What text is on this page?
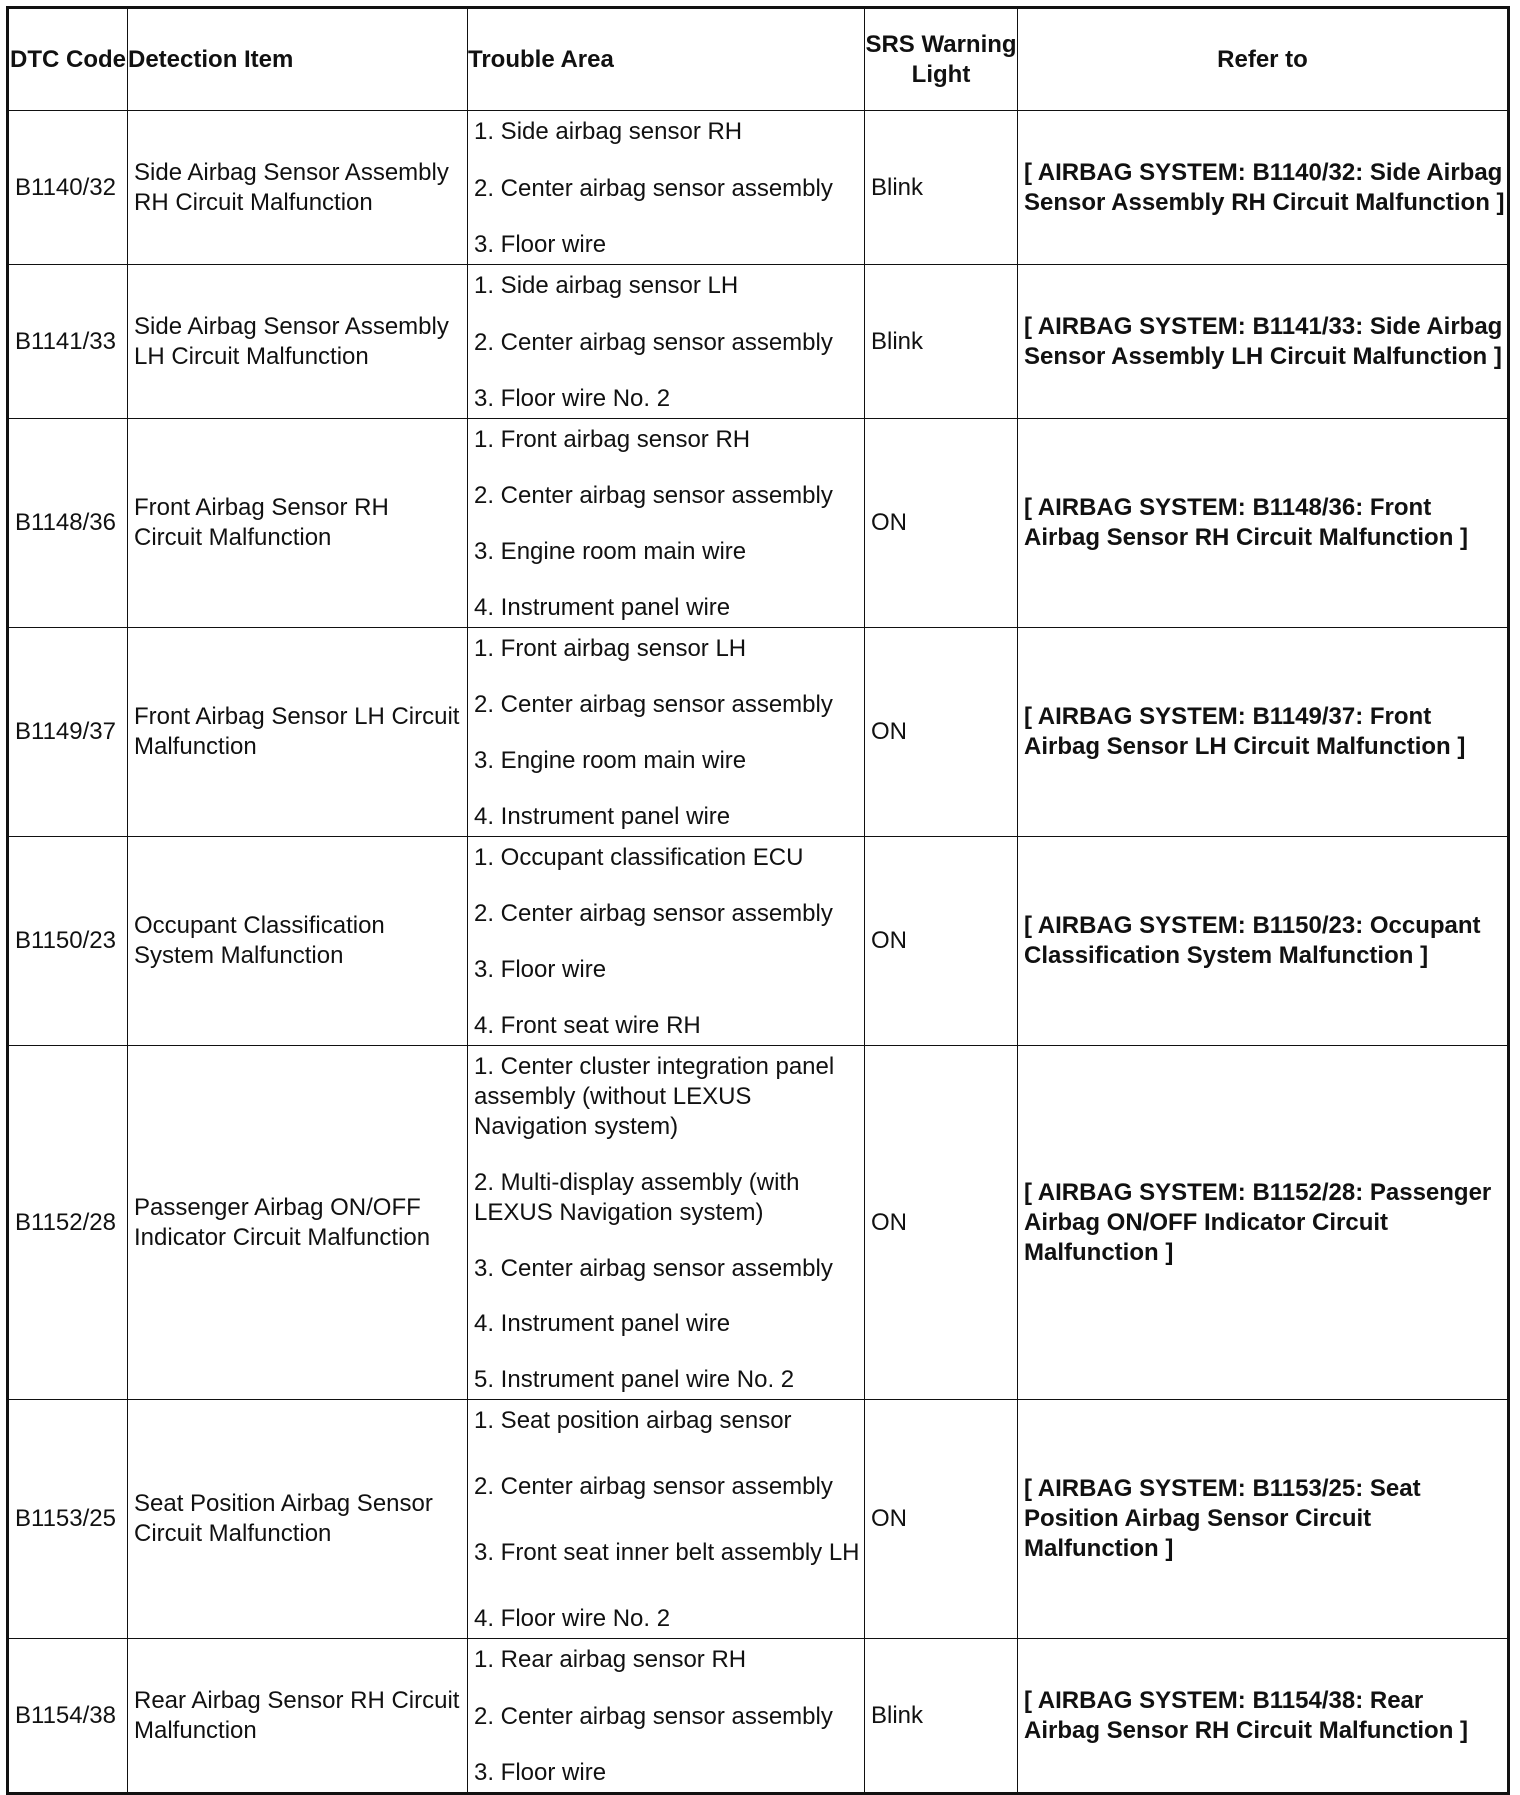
DTC Code	Detection Item	Trouble Area	SRS Warning Light	Refer to
B1140/32	Side Airbag Sensor Assembly RH Circuit Malfunction	1. Side airbag sensor RH
2. Center airbag sensor assembly
3. Floor wire	Blink	[ AIRBAG SYSTEM: B1140/32: Side Airbag Sensor Assembly RH Circuit Malfunction ]
B1141/33	Side Airbag Sensor Assembly LH Circuit Malfunction	1. Side airbag sensor LH
2. Center airbag sensor assembly
3. Floor wire No. 2	Blink	[ AIRBAG SYSTEM: B1141/33: Side Airbag Sensor Assembly LH Circuit Malfunction ]
B1148/36	Front Airbag Sensor RH Circuit Malfunction	1. Front airbag sensor RH
2. Center airbag sensor assembly
3. Engine room main wire
4. Instrument panel wire	ON	[ AIRBAG SYSTEM: B1148/36: Front Airbag Sensor RH Circuit Malfunction ]
B1149/37	Front Airbag Sensor LH Circuit Malfunction	1. Front airbag sensor LH
2. Center airbag sensor assembly
3. Engine room main wire
4. Instrument panel wire	ON	[ AIRBAG SYSTEM: B1149/37: Front Airbag Sensor LH Circuit Malfunction ]
B1150/23	Occupant Classification System Malfunction	1. Occupant classification ECU
2. Center airbag sensor assembly
3. Floor wire
4. Front seat wire RH	ON	[ AIRBAG SYSTEM: B1150/23: Occupant Classification System Malfunction ]
B1152/28	Passenger Airbag ON/OFF Indicator Circuit Malfunction	1. Center cluster integration panel assembly (without LEXUS Navigation system)
2. Multi-display assembly (with LEXUS Navigation system)
3. Center airbag sensor assembly
4. Instrument panel wire
5. Instrument panel wire No. 2	ON	[ AIRBAG SYSTEM: B1152/28: Passenger Airbag ON/OFF Indicator Circuit Malfunction ]
B1153/25	Seat Position Airbag Sensor Circuit Malfunction	1. Seat position airbag sensor
2. Center airbag sensor assembly
3. Front seat inner belt assembly LH
4. Floor wire No. 2	ON	[ AIRBAG SYSTEM: B1153/25: Seat Position Airbag Sensor Circuit Malfunction ]
B1154/38	Rear Airbag Sensor RH Circuit Malfunction	1. Rear airbag sensor RH
2. Center airbag sensor assembly
3. Floor wire	Blink	[ AIRBAG SYSTEM: B1154/38: Rear Airbag Sensor RH Circuit Malfunction ]
